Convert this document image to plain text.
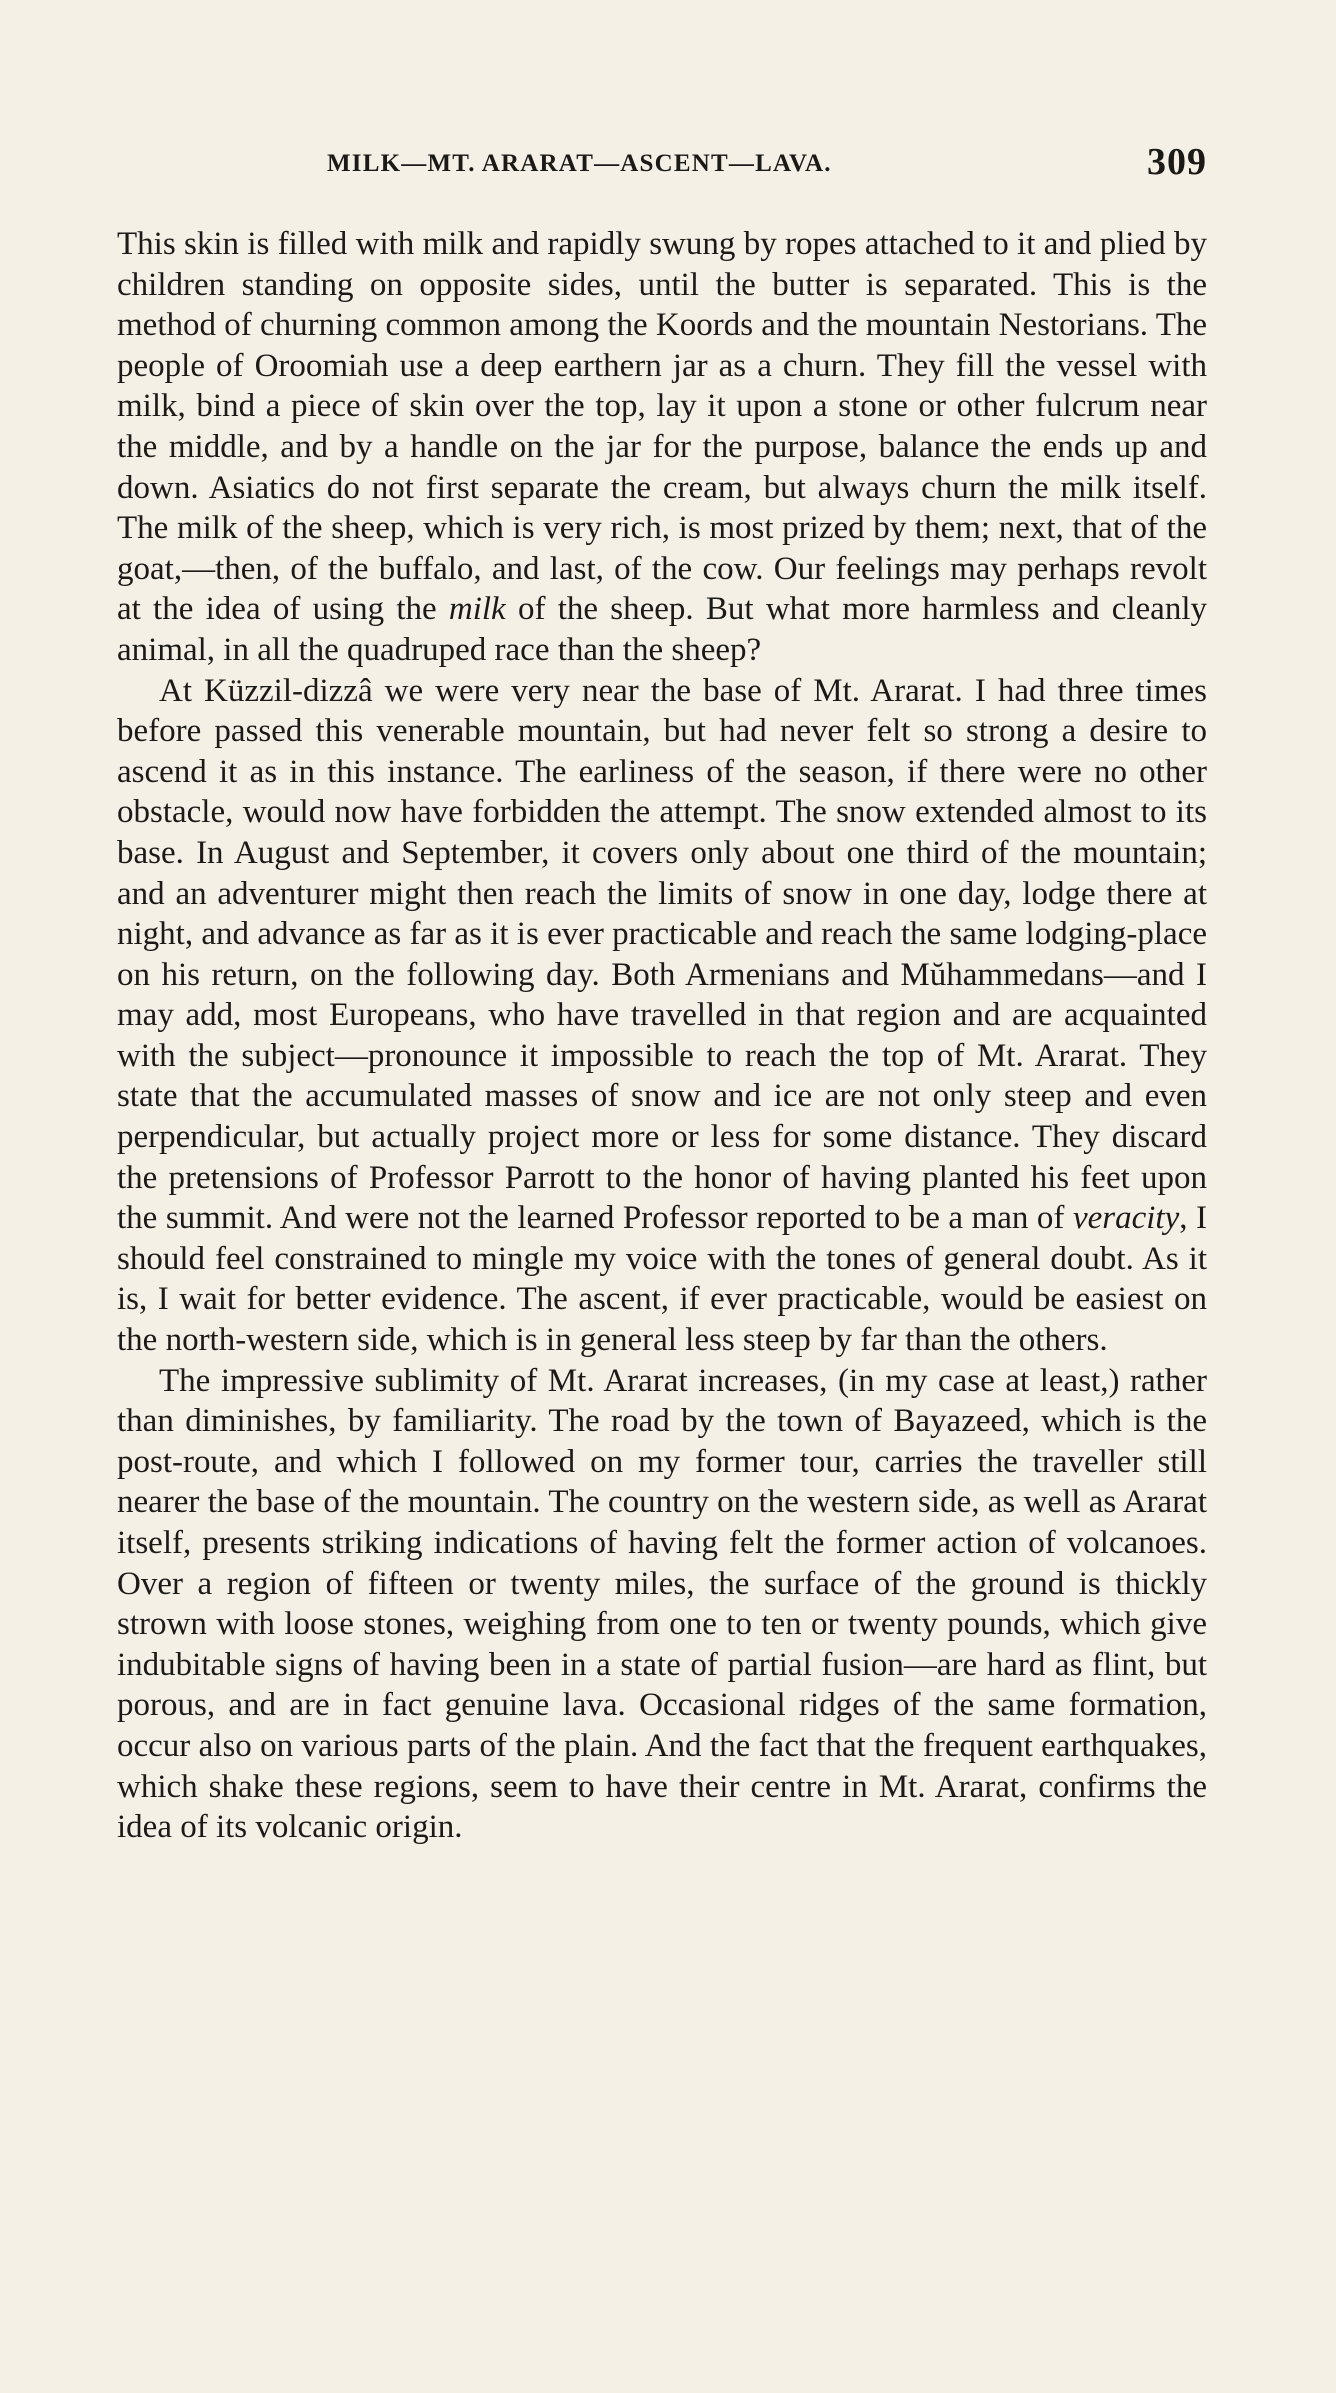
MILK—MT. ARARAT—ASCENT—LAVA.	309

This skin is filled with milk and rapidly swung by ropes attached to it and plied by children standing on opposite sides, until the butter is separated. This is the method of churning common among the Koords and the mountain Nestorians. The people of Oroomiah use a deep earthern jar as a churn. They fill the vessel with milk, bind a piece of skin over the top, lay it upon a stone or other fulcrum near the middle, and by a handle on the jar for the purpose, balance the ends up and down. Asiatics do not first separate the cream, but always churn the milk itself. The milk of the sheep, which is very rich, is most prized by them; next, that of the goat,—then, of the buffalo, and last, of the cow. Our feelings may perhaps revolt at the idea of using the milk of the sheep. But what more harmless and cleanly animal, in all the quadruped race than the sheep?

At Küzzil-dizzâ we were very near the base of Mt. Ararat. I had three times before passed this venerable mountain, but had never felt so strong a desire to ascend it as in this instance. The earliness of the season, if there were no other obstacle, would now have forbidden the attempt. The snow extended almost to its base. In August and September, it covers only about one third of the mountain; and an adventurer might then reach the limits of snow in one day, lodge there at night, and advance as far as it is ever practicable and reach the same lodging-place on his return, on the following day. Both Armenians and Mŭhammedans—and I may add, most Europeans, who have travelled in that region and are acquainted with the subject—pronounce it impossible to reach the top of Mt. Ararat. They state that the accumulated masses of snow and ice are not only steep and even perpendicular, but actually project more or less for some distance. They discard the pretensions of Professor Parrott to the honor of having planted his feet upon the summit. And were not the learned Professor reported to be a man of veracity, I should feel constrained to mingle my voice with the tones of general doubt. As it is, I wait for better evidence. The ascent, if ever practicable, would be easiest on the north-western side, which is in general less steep by far than the others.

The impressive sublimity of Mt. Ararat increases, (in my case at least,) rather than diminishes, by familiarity. The road by the town of Bayazeed, which is the post-route, and which I followed on my former tour, carries the traveller still nearer the base of the mountain. The country on the western side, as well as Ararat itself, presents striking indications of having felt the former action of volcanoes. Over a region of fifteen or twenty miles, the surface of the ground is thickly strown with loose stones, weighing from one to ten or twenty pounds, which give indubitable signs of having been in a state of partial fusion—are hard as flint, but porous, and are in fact genuine lava. Occasional ridges of the same formation, occur also on various parts of the plain. And the fact that the frequent earthquakes, which shake these regions, seem to have their centre in Mt. Ararat, confirms the idea of its volcanic origin.
